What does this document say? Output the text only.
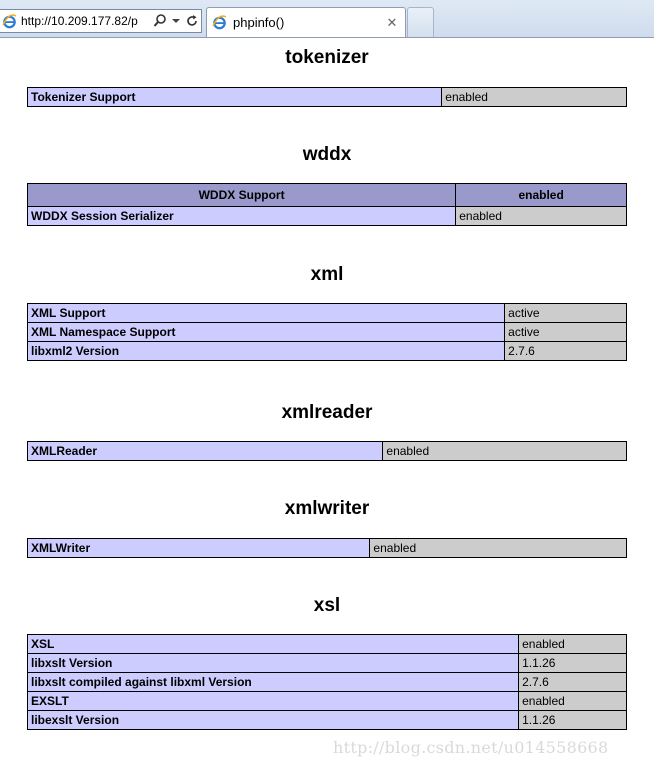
http://10.209.177.82/p	phpinfo()	✕
tokenizer
Tokenizer Support	enabled
wddx
WDDX Support	enabled
WDDX Session Serializer	enabled
xml
XML Support	active
XML Namespace Support	active
libxml2 Version	2.7.6
xmlreader
XMLReader	enabled
xmlwriter
XMLWriter	enabled
xsl
XSL	enabled
libxslt Version	1.1.26
libxslt compiled against libxml Version	2.7.6
EXSLT	enabled
libexslt Version	1.1.26
http://blog.csdn.net/u014558668
